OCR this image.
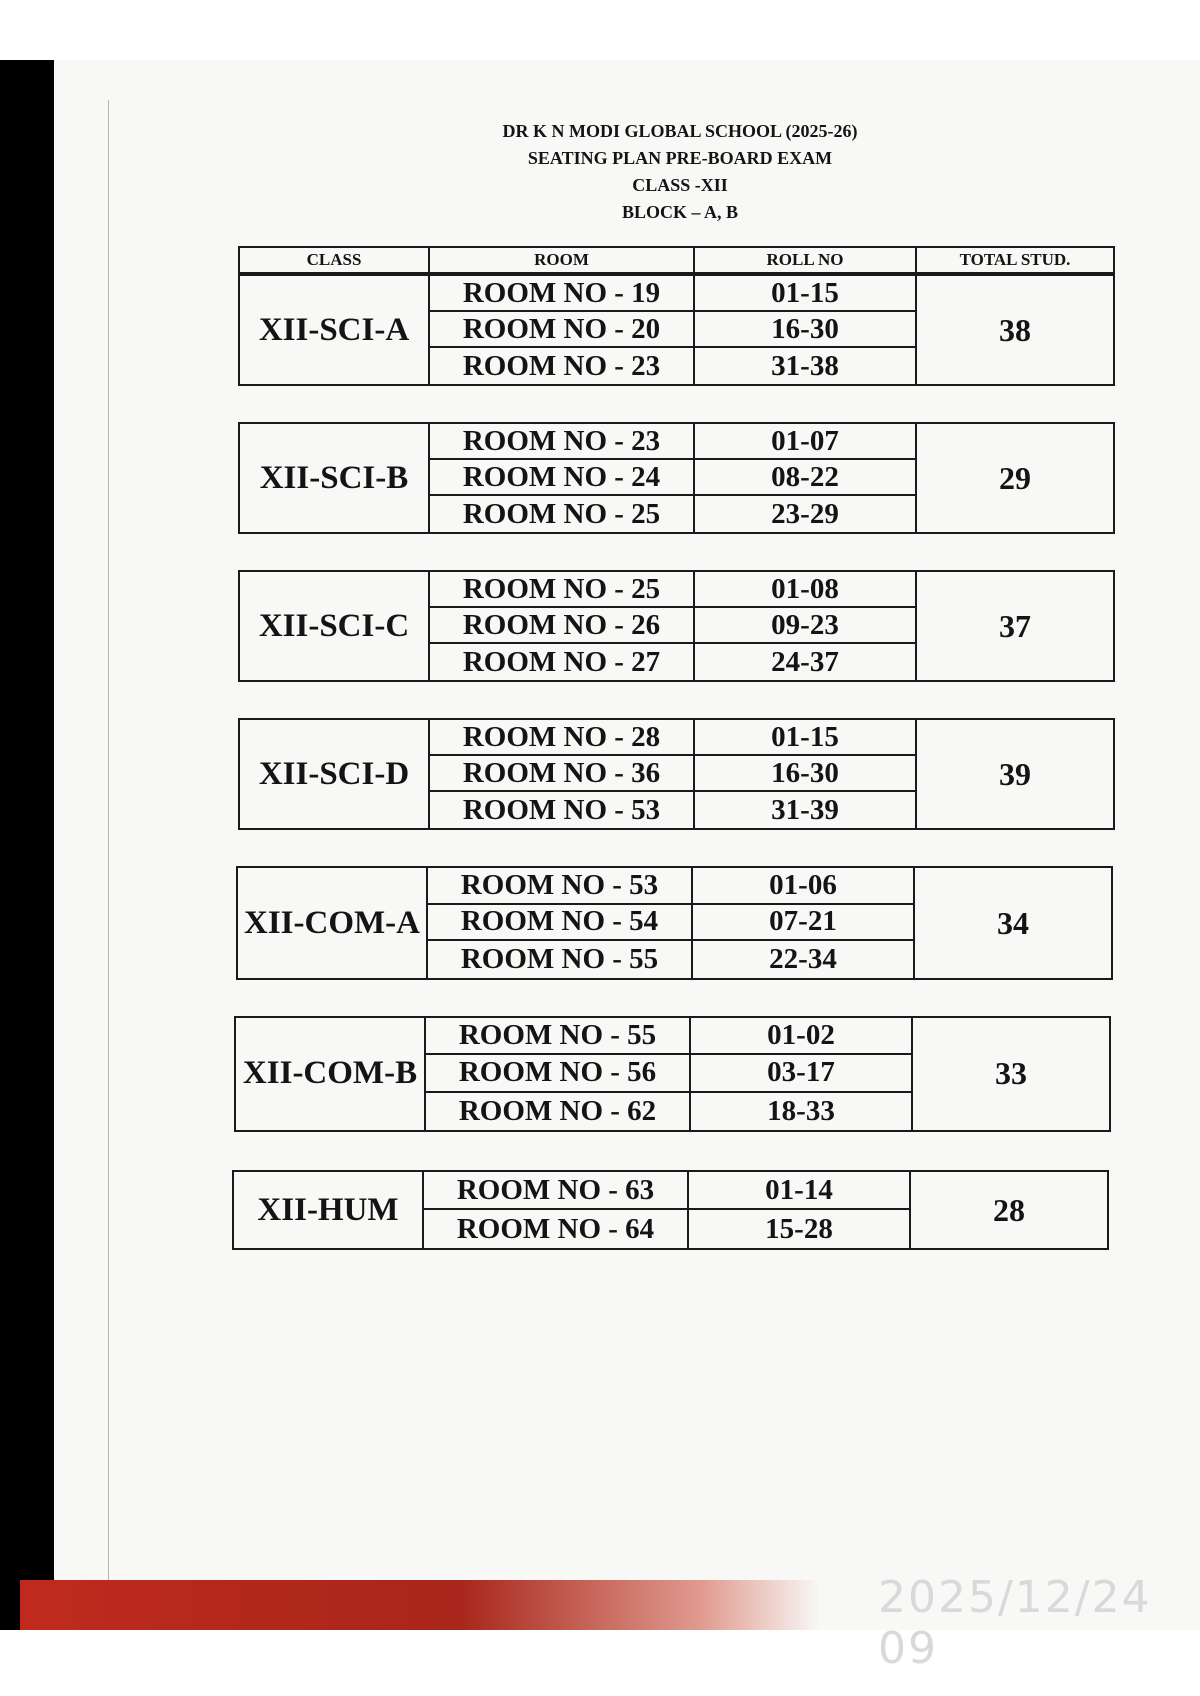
DR K N MODI GLOBAL SCHOOL (2025-26)
SEATING PLAN PRE-BOARD EXAM
CLASS -XII
BLOCK – A, B
CLASS	ROOM	ROLL NO	TOTAL STUD.
XII-SCI-A
ROOM NO - 19	01-15
ROOM NO - 20	16-30
ROOM NO - 23	31-38
38
XII-SCI-B
ROOM NO - 23	01-07
ROOM NO - 24	08-22
ROOM NO - 25	23-29
29
XII-SCI-C
ROOM NO - 25	01-08
ROOM NO - 26	09-23
ROOM NO - 27	24-37
37
XII-SCI-D
ROOM NO - 28	01-15
ROOM NO - 36	16-30
ROOM NO - 53	31-39
39
XII-COM-A
ROOM NO - 53	01-06
ROOM NO - 54	07-21
ROOM NO - 55	22-34
34
XII-COM-B
ROOM NO - 55	01-02
ROOM NO - 56	03-17
ROOM NO - 62	18-33
33
XII-HUM
ROOM NO - 63	01-14
ROOM NO - 64	15-28
28
2025/12/24 09
